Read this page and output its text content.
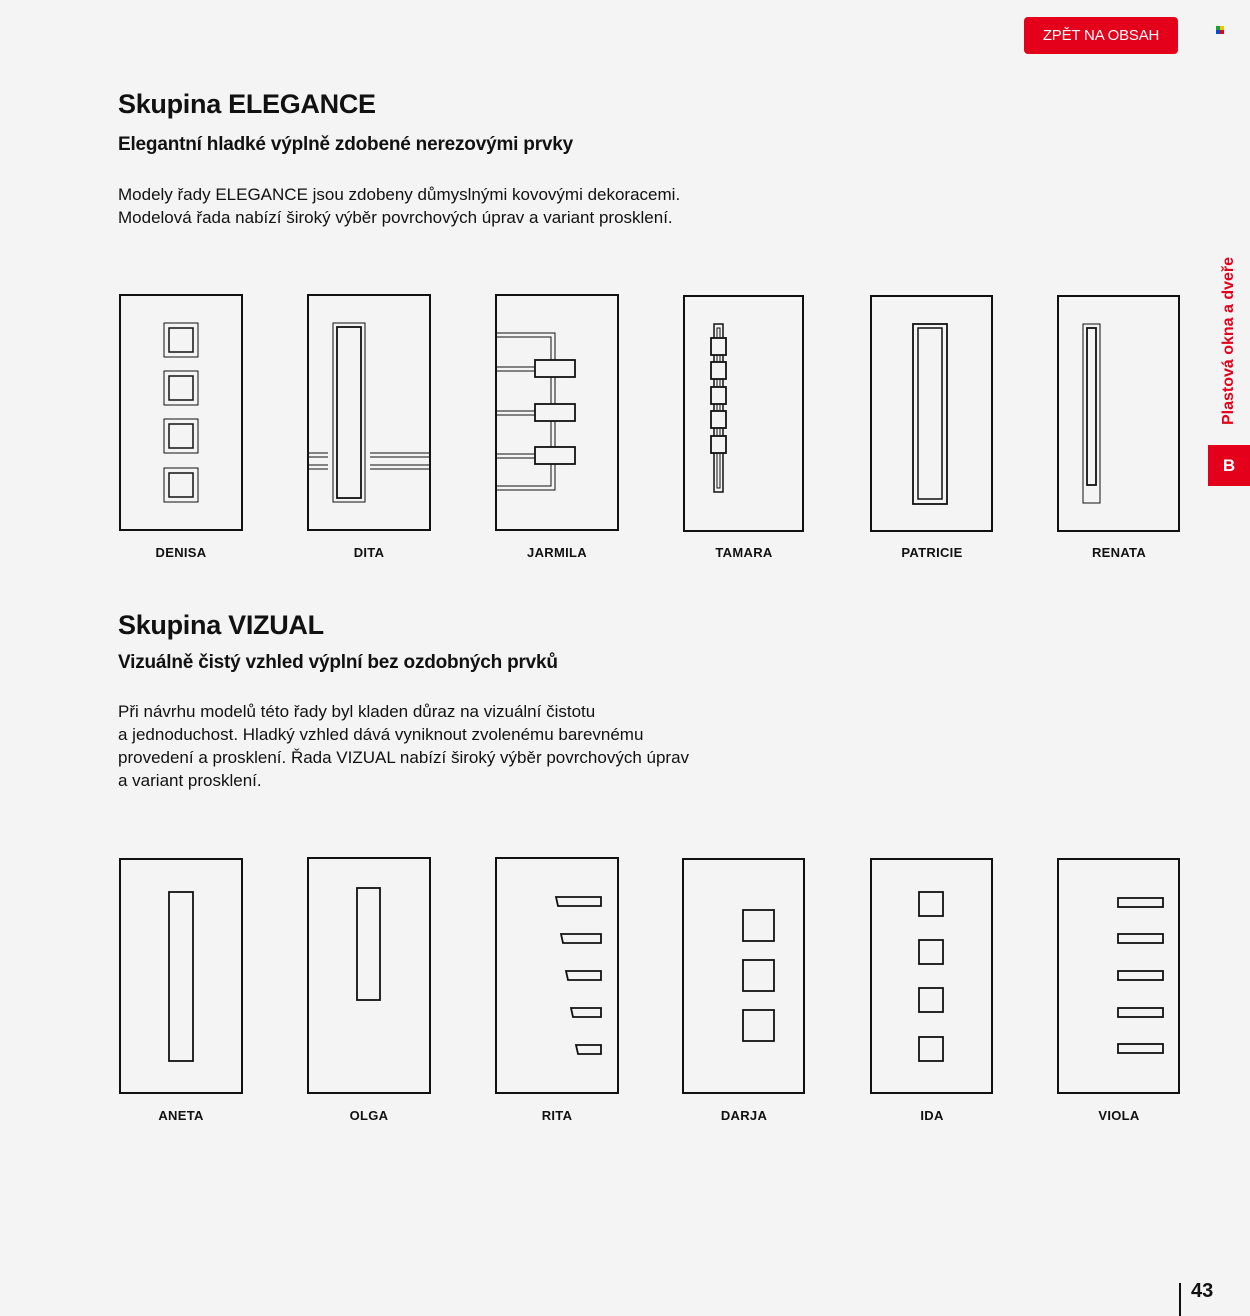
ZPĚT NA OBSAH
Plastová okna a dveře
B
Skupina ELEGANCE
Elegantní hladké výplně zdobené nerezovými prvky
Modely řady ELEGANCE jsou zdobeny důmyslnými kovovými dekoracemi.
Modelová řada nabízí široký výběr povrchových úprav a variant prosklení.
DENISA	DITA	JARMILA	TAMARA	PATRICIE	RENATA
Skupina VIZUAL
Vizuálně čistý vzhled výplní bez ozdobných prvků
Při návrhu modelů této řady byl kladen důraz na vizuální čistotu
a jednoduchost. Hladký vzhled dává vyniknout zvolenému barevnému
provedení a prosklení. Řada VIZUAL nabízí široký výběr povrchových úprav
a variant prosklení.
ANETA	OLGA	RITA	DARJA	IDA	VIOLA
43
